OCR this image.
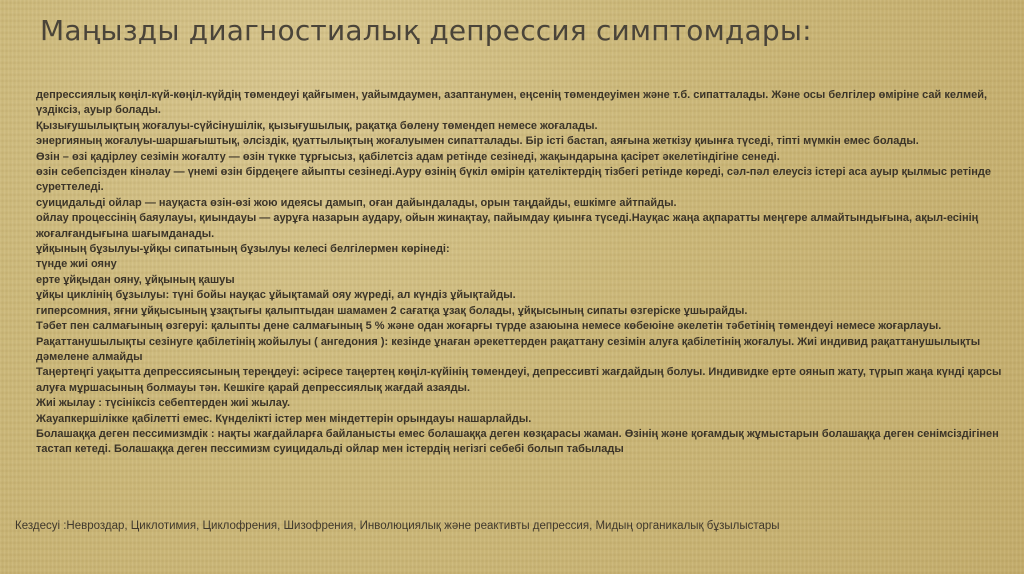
Маңызды диагностиалық депрессия симптомдары:
депрессиялық көңіл-күй-көңіл-күйдің төмендеуі қайғымен, уайымдаумен, азаптанумен, еңсенің төмендеуімен және т.б. сипатталады. Және осы белгілер өміріне сай келмей, үздіксіз, ауыр болады.
Қызығушылықтың жоғалуы-сүйсінушілік, қызығушылық, рақатқа бөлену төмендеп немесе жоғалады.
энергияның жоғалуы-шаршағыштық, әлсіздік, қуаттылықтың жоғалуымен сипатталады. Бір істі бастап, аяғына жеткізу қиынға түседі, тіпті мүмкін емес болады.
Өзін – өзі қадірлеу сезімін жоғалту — өзін түкке тұрғысыз, қабілетсіз адам ретінде сезінеді, жақындарына қасірет әкелетіндігіне сенеді.
өзін себепсізден кінәлау — үнемі өзін бірдеңеге айыпты сезінеді.Ауру өзінің бүкіл өмірін қателіктердің тізбегі ретінде көреді, сәл-пәл елеусіз істері аса ауыр қылмыс ретінде суреттеледі.
суицидальді ойлар — науқаста өзін-өзі жою идеясы дамып, оған дайындалады, орын таңдайды, ешкімге айтпайды.
ойлау процессінің баяулауы, қиындауы — аурұға назарын аудару, ойын жинақтау, пайымдау қиынға түседі.Науқас жаңа ақпаратты меңгере алмайтындығына, ақыл-есінің жоғалғандығына шағымданады.
ұйқының бұзылуы-ұйқы сипатының бұзылуы келесі белгілермен көрінеді:
түнде жиі ояну
ерте ұйқыдан ояну, ұйқының қашуы
ұйқы циклінің бұзылуы: түні бойы науқас ұйықтамай ояу жүреді, ал күндіз ұйықтайды.
гиперсомния, яғни ұйқысының ұзақтығы қалыптыдан шамамен 2 сағатқа ұзақ болады, ұйқысының сипаты өзгеріске ұшырайды.
Тәбет пен салмағының өзгеруі: қалыпты дене салмағының 5 % және одан жоғарғы түрде азаюына немесе көбеюіне әкелетін тәбетінің төмендеуі немесе жоғарлауы.
Рақаттанушылықты сезінуге қабілетінің жойылуы ( ангедония ): кезінде ұнаған әрекеттерден рақаттану сезімін алуға қабілетінің жоғалуы. Жиі индивид рақаттанушылықты дәмелене алмайды
Таңертеңгі уақытта депрессиясының тереңдеуі: әсіресе таңертең көңіл-күйінің төмендеуі, депрессивті жағдайдың болуы. Индивидке ерте оянып жату, түрып жаңа күнді қарсы алуға мұршасының болмауы тән. Кешкіге қарай депрессиялық жағдай азаяды.
Жиі жылау : түсініксіз себептерден жиі жылау.
Жауапкершілікке қабілетті емес. Күнделікті істер мен міндеттерін орындауы нашарлайды.
Болашаққа деген пессимизмдік : нақты жағдайларға байланысты емес болашаққа деген көзқарасы жаман. Өзінің және қоғамдық жұмыстарын болашаққа деген сенімсіздігінен тастап кетеді. Болашаққа деген пессимизм суицидальді ойлар мен істердің негізгі себебі болып табылады
Кездесуі :Невроздар, Циклотимия, Циклофрения, Шизофрения, Инволюциялық және реактивты депрессия, Мидың органикалық бұзылыстары
